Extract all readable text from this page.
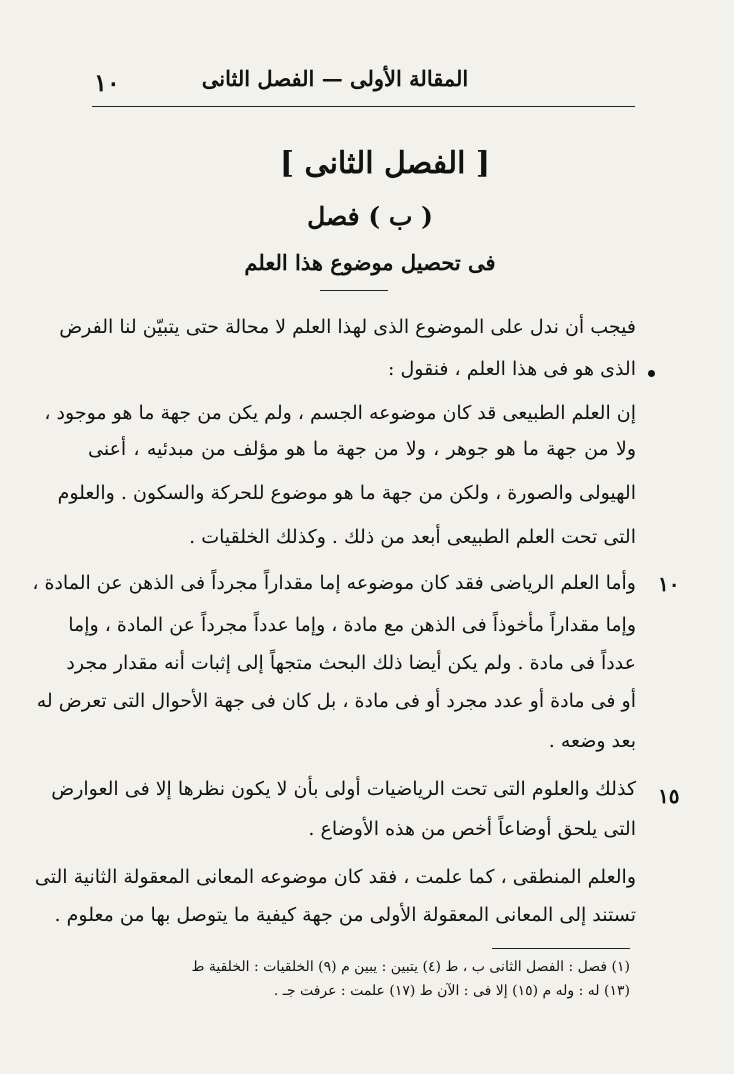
١٠	المقالة الأولى — الفصل الثانى
[ الفصل الثانى ]
( ب ) فصل
فى تحصيل موضوع هذا العلم
فيجب أن ندل على الموضوع الذى لهذا العلم لا محالة حتى يتبيّن لنا الفرض
الذى هو فى هذا العلم ، فنقول :
إن العلم الطبيعى قد كان موضوعه الجسم ، ولم يكن من جهة ما هو موجود ،
ولا من جهة ما هو جوهر ، ولا من جهة ما هو مؤلف من مبدئيه ، أعنى
الهيولى والصورة ، ولكن من جهة ما هو موضوع للحركة والسكون . والعلوم
التى تحت العلم الطبيعى أبعد من ذلك . وكذلك الخلقيات .
وأما العلم الرياضى فقد كان موضوعه إما مقداراً مجرداً فى الذهن عن المادة ، ١٠
وإما مقداراً مأخوذاً فى الذهن مع مادة ، وإما عدداً مجرداً عن المادة ، وإما
عدداً فى مادة . ولم يكن أيضا ذلك البحث متجهاً إلى إثبات أنه مقدار مجرد
أو فى مادة أو عدد مجرد أو فى مادة ، بل كان فى جهة الأحوال التى تعرض له
بعد وضعه .
كذلك والعلوم التى تحت الرياضيات أولى بأن لا يكون نظرها إلا فى العوارض ١٥
التى يلحق أوضاعاً أخص من هذه الأوضاع .
والعلم المنطقى ، كما علمت ، فقد كان موضوعه المعانى المعقولة الثانية التى
تستند إلى المعانى المعقولة الأولى من جهة كيفية ما يتوصل بها من معلوم .
(١) فصل : الفصل الثانى ب ، ط (٤) يتبين : يبين م (٩) الخلقيات : الخلقية ط
(١٣) له : وله م (١٥) إلا فى : الآن ط (١٧) علمت : عرفت جـ .
